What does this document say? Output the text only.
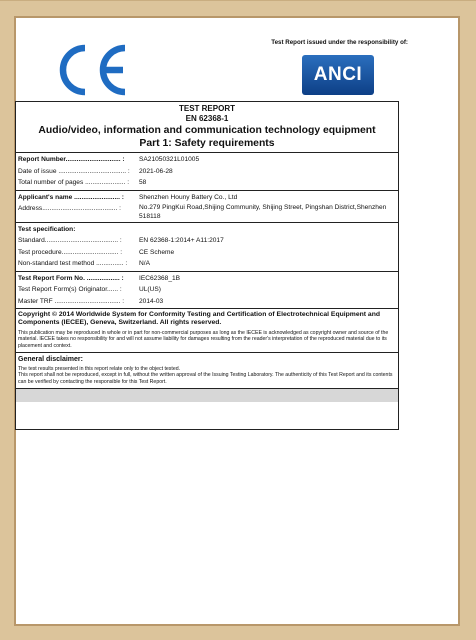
Test Report issued under the responsibility of:
ANCI
TEST REPORT
EN 62368-1
Audio/video, information and communication technology equipment
Part 1: Safety requirements
Report Number.............................. :	SA21050321L01005
Date of issue ..................................... :	2021-06-28
Total number of pages ...................... :	58
Applicant's name ......................... :	Shenzhen Houny Battery Co., Ltd
Address......................................... :	No.279 PingKui Road,Shijing Community, Shijing Street, Pingshan District,Shenzhen 518118
Test specification:
Standard........................................ :	EN 62368-1:2014+ A11:2017
Test procedure............................... :	CE Scheme
Non-standard test method ............... :	N/A
Test Report Form No. .................. :	IEC62368_1B
Test Report Form(s) Originator...... :	UL(US)
Master TRF .................................... :	2014-03
Copyright © 2014 Worldwide System for Conformity Testing and Certification of Electrotechnical Equipment and Components (IECEE), Geneva, Switzerland. All rights reserved.
This publication may be reproduced in whole or in part for non-commercial purposes as long as the IECEE is acknowledged as copyright owner and source of the material. IECEE takes no responsibility for and will not assume liability for damages resulting from the reader's interpretation of the reproduced material due to its placement and context.
General disclaimer:
The test results presented in this report relate only to the object tested.
This report shall not be reproduced, except in full, without the written approval of the Issuing Testing Laboratory. The authenticity of this Test Report and its contents can be verified by contacting the responsible for this Test Report.
